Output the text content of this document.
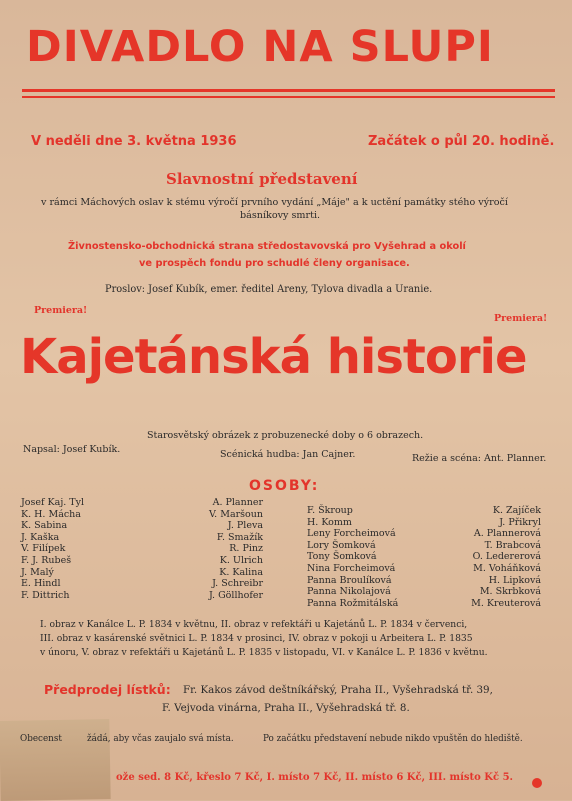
DIVADLO NA SLUPI
V neděli dne 3. května 1936	Začátek o půl 20. hodině.
Slavnostní představení
v rámci Máchových oslav k stému výročí prvního vydání „Máje" a k uctění památky stého výročí
básníkovy smrti.
Živnostensko-obchodnická strana středostavovská pro Vyšehrad a okolí
ve prospěch fondu pro schudlé členy organisace.
Proslov: Josef Kubík, emer. ředitel Areny, Tylova divadla a Uranie.
Premiera!
Premiera!
Kajetánská historie
Starosvětský obrázek z probuzenecké doby o 6 obrazech.
Napsal: Josef Kubík.	Scénická hudba: Jan Cajner.	Režie a scéna: Ant. Planner.
OSOBY:
Josef Kaj. Tyl	A. Planner
K. H. Mácha	V. Maršoun
K. Sabina	J. Pleva
J. Kaška	F. Smažík
V. Filípek	R. Pinz
F. J. Rubeš	K. Ulrich
J. Malý	K. Kalina
E. Hindl	J. Schreibr
F. Dittrich	J. Göllhofer
F. Škroup	K. Zajíček
H. Komm	J. Přikryl
Leny Forcheimová	A. Plannerová
Lory Šomková	T. Brabcová
Tony Šomková	O. Ledererová
Nina Forcheimová	M. Voháňková
Panna Broulíková	H. Lipková
Panna Nikolajová	M. Skrbková
Panna Rožmitálská	M. Kreuterová
I. obraz v Kanálce L. P. 1834 v květnu, II. obraz v refektáři u Kajetánů L. P. 1834 v červenci,
III. obraz v kasárenské světnici L. P. 1834 v prosinci, IV. obraz v pokoji u Arbeitera L. P. 1835
v únoru, V. obraz v refektáři u Kajetánů L. P. 1835 v listopadu, VI. v Kanálce L. P. 1836 v květnu.
Předprodej lístků: Fr. Kakos závod deštníkářský, Praha II., Vyšehradská tř. 39,
F. Vejvoda vinárna, Praha II., Vyšehradská tř. 8.
Obecenst	žádá, aby včas zaujalo svá místa.	Po začátku představení nebude nikdo vpuštěn do hlediště.
ože sed. 8 Kč, křeslo 7 Kč, I. místo 7 Kč, II. místo 6 Kč, III. místo Kč 5.
